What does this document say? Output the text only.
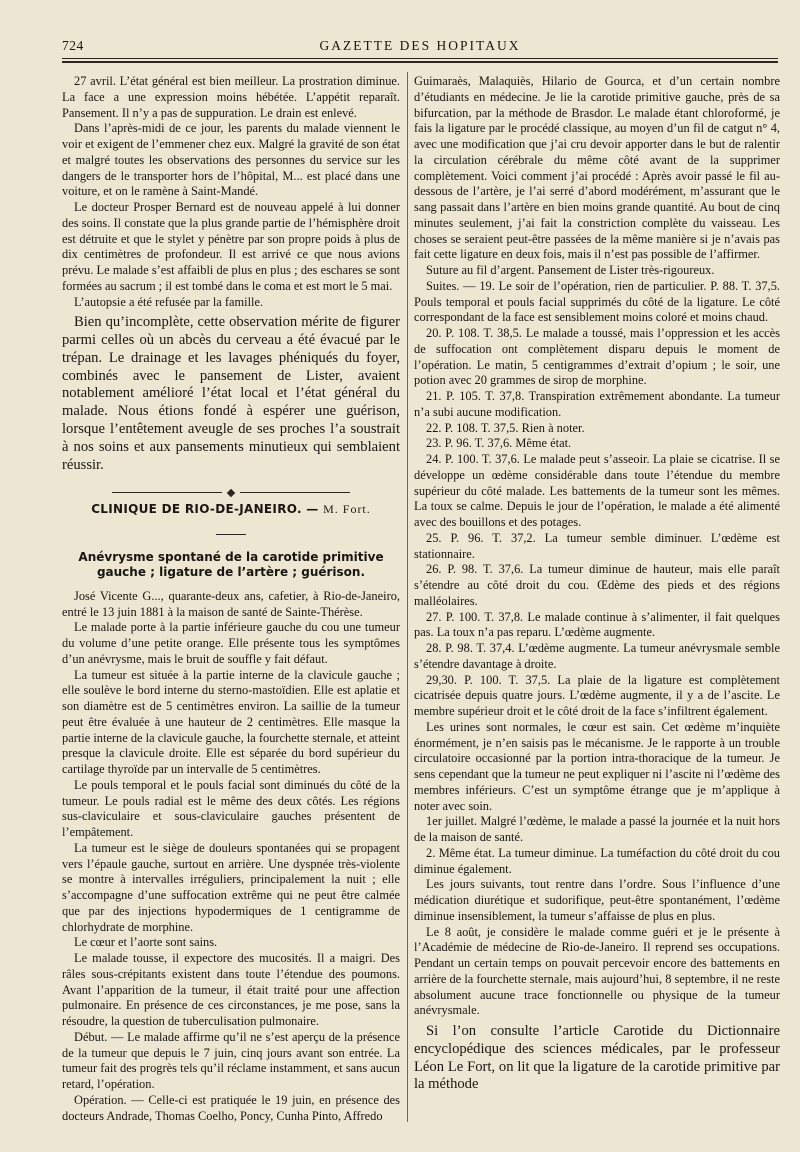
724	GAZETTE DES HOPITAUX

27 avril. L’état général est bien meilleur. La prostration diminue. La face a une expression moins hébétée. L’appétit reparaît. Pansement. Il n’y a pas de suppuration. Le drain est enlevé.

Dans l’après-midi de ce jour, les parents du malade viennent le voir et exigent de l’emmener chez eux. Malgré la gravité de son état et malgré toutes les observations des personnes du service sur les dangers de le transporter hors de l’hôpital, M... est placé dans une voiture, et on le ramène à Saint-Mandé.

Le docteur Prosper Bernard est de nouveau appelé à lui donner des soins. Il constate que la plus grande partie de l’hémisphère droit est détruite et que le stylet y pénètre par son propre poids à plus de dix centimètres de profondeur. Il est arrivé ce que nous avions prévu. Le malade s’est affaibli de plus en plus ; des eschares se sont formées au sacrum ; il est tombé dans le coma et est mort le 5 mai.

L’autopsie a été refusée par la famille.

Bien qu’incomplète, cette observation mérite de figurer parmi celles où un abcès du cerveau a été évacué par le trépan. Le drainage et les lavages phéniqués du foyer, combinés avec le pansement de Lister, avaient notablement amélioré l’état local et l’état général du malade. Nous étions fondé à espérer une guérison, lorsque l’entêtement aveugle de ses proches l’a soustrait à nos soins et aux pansements minutieux qui semblaient réussir.

CLINIQUE DE RIO-DE-JANEIRO. — M. Fort.

Anévrysme spontané de la carotide primitive gauche ; ligature de l’artère ; guérison.

José Vicente G..., quarante-deux ans, cafetier, à Rio-de-Janeiro, entré le 13 juin 1881 à la maison de santé de Sainte-Thérèse.

Le malade porte à la partie inférieure gauche du cou une tumeur du volume d’une petite orange. Elle présente tous les symptômes d’un anévrysme, mais le bruit de souffle y fait défaut.

La tumeur est située à la partie interne de la clavicule gauche ; elle soulève le bord interne du sterno-mastoïdien. Elle est aplatie et son diamètre est de 5 centimètres environ. La saillie de la tumeur peut être évaluée à une hauteur de 2 centimètres. Elle masque la partie interne de la clavicule gauche, la fourchette sternale, et atteint presque la clavicule droite. Elle est séparée du bord supérieur du cartilage thyroïde par un intervalle de 5 centimètres.

Le pouls temporal et le pouls facial sont diminués du côté de la tumeur. Le pouls radial est le même des deux côtés. Les régions sus-claviculaire et sous-claviculaire gauches présentent de l’empâtement.

La tumeur est le siège de douleurs spontanées qui se propagent vers l’épaule gauche, surtout en arrière. Une dyspnée très-violente se montre à intervalles irréguliers, principalement la nuit ; elle s’accompagne d’une suffocation extrême qui ne peut être calmée que par des injections hypodermiques de 1 centigramme de chlorhydrate de morphine.

Le cœur et l’aorte sont sains.

Le malade tousse, il expectore des mucosités. Il a maigri. Des râles sous-crépitants existent dans toute l’étendue des poumons. Avant l’apparition de la tumeur, il était traité pour une affection pulmonaire. En présence de ces circonstances, je me pose, sans la résoudre, la question de tuberculisation pulmonaire.

Début. — Le malade affirme qu’il ne s’est aperçu de la présence de la tumeur que depuis le 7 juin, cinq jours avant son entrée. La tumeur fait des progrès tels qu’il réclame instamment, et sans aucun retard, l’opération.

Opération. — Celle-ci est pratiquée le 19 juin, en présence des docteurs Andrade, Thomas Coelho, Poncy, Cunha Pinto, Affredo

Guimaraès, Malaquiès, Hilario de Gourca, et d’un certain nombre d’étudiants en médecine. Je lie la carotide primitive gauche, près de sa bifurcation, par la méthode de Brasdor. Le malade étant chloroformé, je fais la ligature par le procédé classique, au moyen d’un fil de catgut n° 4, avec une modification que j’ai cru devoir apporter dans le but de ralentir la circulation cérébrale du même côté avant de la supprimer complètement. Voici comment j’ai procédé : Après avoir passé le fil au-dessous de l’artère, je l’ai serré d’abord modérément, m’assurant que le sang passait dans l’artère en bien moins grande quantité. Au bout de cinq minutes seulement, j’ai fait la constriction complète du vaisseau. Les choses se seraient peut-être passées de la même manière si je n’avais pas fait cette ligature en deux fois, mais il n’est pas possible de l’affirmer.

Suture au fil d’argent. Pansement de Lister très-rigoureux.

Suites. — 19. Le soir de l’opération, rien de particulier. P. 88. T. 37,5. Pouls temporal et pouls facial supprimés du côté de la ligature. Le côté correspondant de la face est sensiblement moins coloré et moins chaud.

20. P. 108. T. 38,5. Le malade a toussé, mais l’oppression et les accès de suffocation ont complètement disparu depuis le moment de l’opération. Le matin, 5 centigrammes d’extrait d’opium ; le soir, une potion avec 20 grammes de sirop de morphine.

21. P. 105. T. 37,8. Transpiration extrêmement abondante. La tumeur n’a subi aucune modification.

22. P. 108. T. 37,5. Rien à noter.

23. P. 96. T. 37,6. Même état.

24. P. 100. T. 37,6. Le malade peut s’asseoir. La plaie se cicatrise. Il se développe un œdème considérable dans toute l’étendue du membre supérieur du côté malade. Les battements de la tumeur sont les mêmes. La toux se calme. Depuis le jour de l’opération, le malade a été alimenté avec des bouillons et des potages.

25. P. 96. T. 37,2. La tumeur semble diminuer. L’œdème est stationnaire.

26. P. 98. T. 37,6. La tumeur diminue de hauteur, mais elle paraît s’étendre au côté droit du cou. Œdème des pieds et des régions malléolaires.

27. P. 100. T. 37,8. Le malade continue à s’alimenter, il fait quelques pas. La toux n’a pas reparu. L’œdème augmente.

28. P. 98. T. 37,4. L’œdème augmente. La tumeur anévrysmale semble s’étendre davantage à droite.

29,30. P. 100. T. 37,5. La plaie de la ligature est complètement cicatrisée depuis quatre jours. L’œdème augmente, il y a de l’ascite. Le membre supérieur droit et le côté droit de la face s’infiltrent également.

Les urines sont normales, le cœur est sain. Cet œdème m’inquiète énormément, je n’en saisis pas le mécanisme. Je le rapporte à un trouble circulatoire occasionné par la portion intra-thoracique de la tumeur. Je sens cependant que la tumeur ne peut expliquer ni l’ascite ni l’œdème des membres inférieurs. C’est un symptôme étrange que je m’applique à noter avec soin.

1er juillet. Malgré l’œdème, le malade a passé la journée et la nuit hors de la maison de santé.

2. Même état. La tumeur diminue. La tuméfaction du côté droit du cou diminue également.

Les jours suivants, tout rentre dans l’ordre. Sous l’influence d’une médication diurétique et sudorifique, peut-être spontanément, l’œdème diminue insensiblement, la tumeur s’affaisse de plus en plus.

Le 8 août, je considère le malade comme guéri et je le présente à l’Académie de médecine de Rio-de-Janeiro. Il reprend ses occupations. Pendant un certain temps on pouvait percevoir encore des battements en arrière de la fourchette sternale, mais aujourd’hui, 8 septembre, il ne reste absolument aucune trace fonctionnelle ou physique de la tumeur anévrysmale.

Si l’on consulte l’article Carotide du Dictionnaire encyclopédique des sciences médicales, par le professeur Léon Le Fort, on lit que la ligature de la carotide primitive par la méthode
